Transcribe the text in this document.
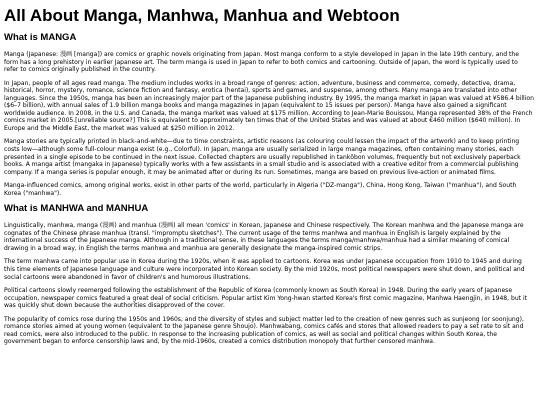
All About Manga, Manhwa, Manhua and Webtoon
What is MANGA

Manga (Japanese: 漫画 [manga]) are comics or graphic novels originating from Japan. Most manga conform to a style developed in Japan in the late 19th century, and the form has a long prehistory in earlier Japanese art. The term manga is used in Japan to refer to both comics and cartooning. Outside of Japan, the word is typically used to refer to comics originally published in the country.

In Japan, people of all ages read manga. The medium includes works in a broad range of genres: action, adventure, business and commerce, comedy, detective, drama, historical, horror, mystery, romance, science fiction and fantasy, erotica (hentai), sports and games, and suspense, among others. Many manga are translated into other languages. Since the 1950s, manga has been an increasingly major part of the Japanese publishing industry. By 1995, the manga market in Japan was valued at ¥586.4 billion ($6–7 billion), with annual sales of 1.9 billion manga books and manga magazines in Japan (equivalent to 15 issues per person). Manga have also gained a significant worldwide audience. In 2008, in the U.S. and Canada, the manga market was valued at $175 million. According to Jean-Marie Bouissou, Manga represented 38% of the French comics market in 2005.[unreliable source?] This is equivalent to approximately ten times that of the United States and was valued at about €460 million ($640 million). In Europe and the Middle East, the market was valued at $250 million in 2012.

Manga stories are typically printed in black-and-white—due to time constraints, artistic reasons (as colouring could lessen the impact of the artwork) and to keep printing costs low—although some full-colour manga exist (e.g., Colorful). In Japan, manga are usually serialized in large manga magazines, often containing many stories, each presented in a single episode to be continued in the next issue. Collected chapters are usually republished in tankōbon volumes, frequently but not exclusively paperback books. A manga artist (mangaka in Japanese) typically works with a few assistants in a small studio and is associated with a creative editor from a commercial publishing company. If a manga series is popular enough, it may be animated after or during its run. Sometimes, manga are based on previous live-action or animated films.

Manga-influenced comics, among original works, exist in other parts of the world, particularly in Algeria ("DZ-manga"), China, Hong Kong, Taiwan ("manhua"), and South Korea ("manhwa").

What is MANHWA and MANHUA

Linguistically, manhwa, manga (漫画) and manhua (漫画) all mean 'comics' in Korean, Japanese and Chinese respectively. The Korean manhwa and the Japanese manga are cognates of the Chinese phrase manhua (transl. "impromptu sketches"). The current usage of the terms manhwa and manhua in English is largely explained by the international success of the Japanese manga. Although in a traditional sense, in these languages the terms manga/manhwa/manhua had a similar meaning of comical drawing in a broad way, in English the terms manhwa and manhua are generally designate the manga-inspired comic strips.

The term manhwa came into popular use in Korea during the 1920s, when it was applied to cartoons. Korea was under Japanese occupation from 1910 to 1945 and during this time elements of Japanese language and culture were incorporated into Korean society. By the mid 1920s, most political newspapers were shut down, and political and social cartoons were abandoned in favor of children's and humorous illustrations.

Political cartoons slowly reemerged following the establishment of the Republic of Korea (commonly known as South Korea) in 1948. During the early years of Japanese occupation, newspaper comics featured a great deal of social criticism. Popular artist Kim Yong-hwan started Korea's first comic magazine, Manhwa Haengjin, in 1948, but it was quickly shut down because the authorities disapproved of the cover.

The popularity of comics rose during the 1950s and 1960s, and the diversity of styles and subject matter led to the creation of new genres such as sunjeong (or soonjung), romance stories aimed at young women (equivalent to the Japanese genre Shoujo). Manhwabang, comics cafés and stores that allowed readers to pay a set rate to sit and read comics, were also introduced to the public. In response to the increasing publication of comics, as well as social and political changes within South Korea, the government began to enforce censorship laws and, by the mid-1960s, created a comics distribution monopoly that further censored manhwa.
